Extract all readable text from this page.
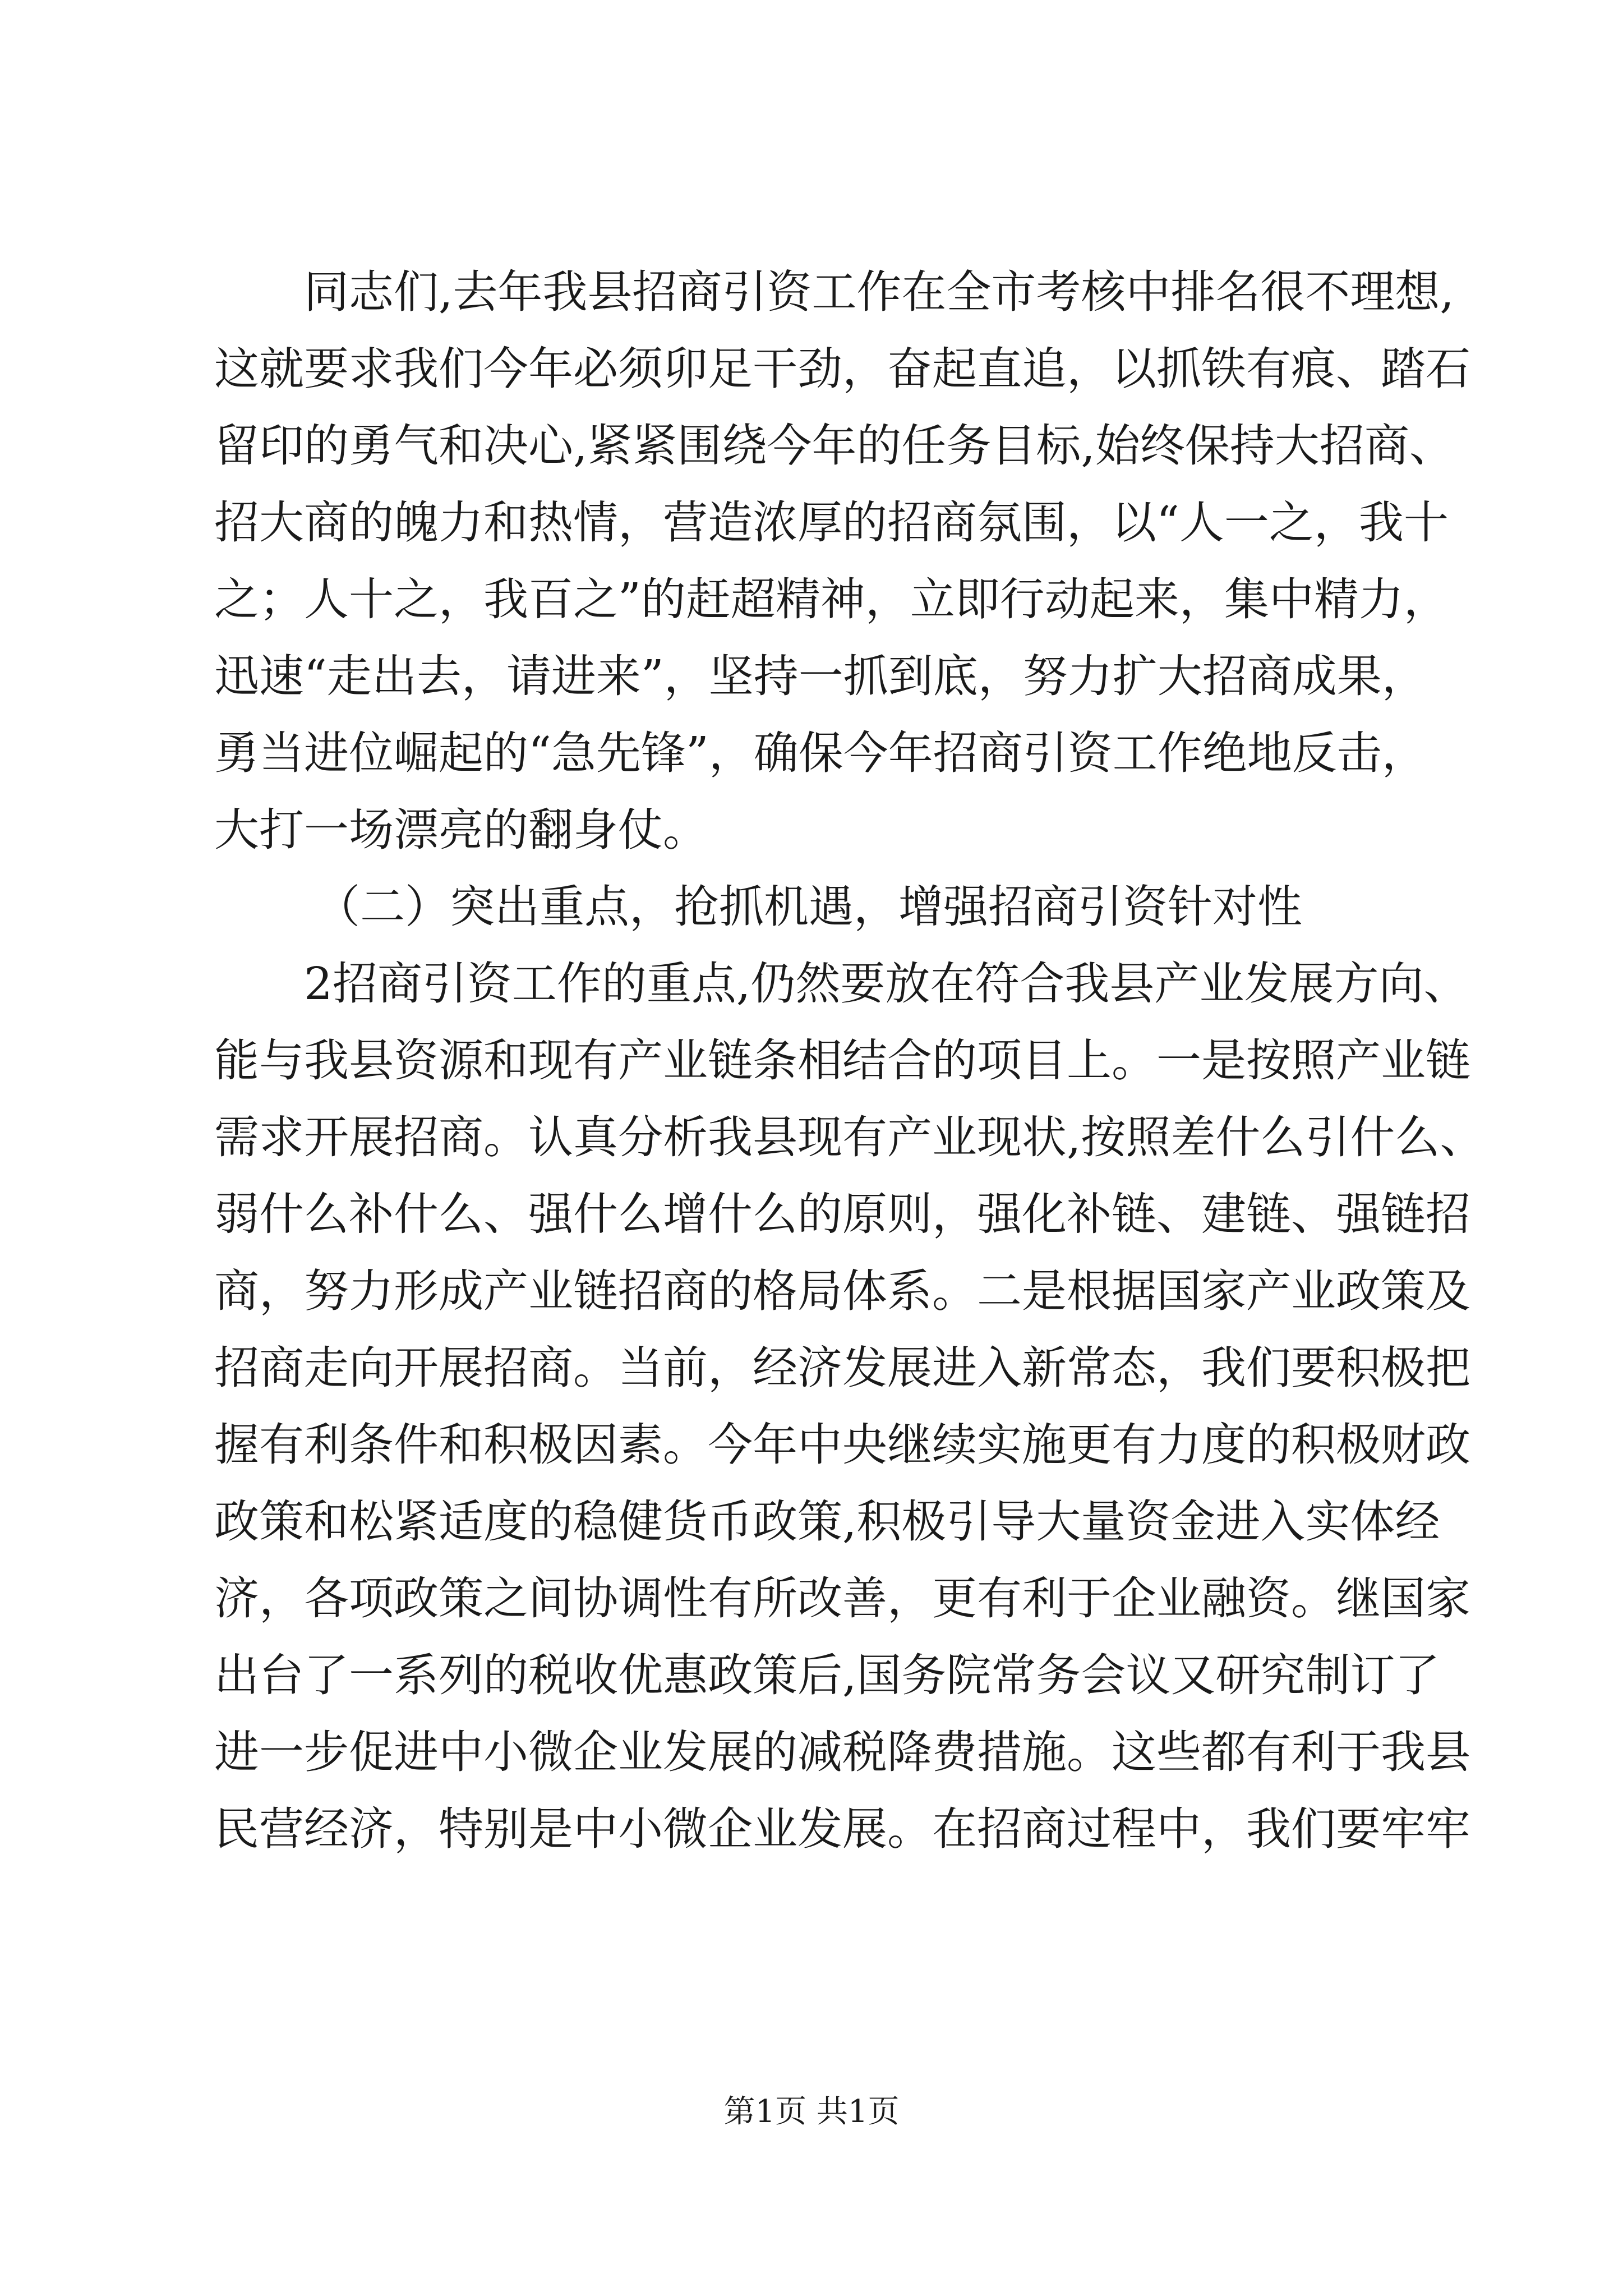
同志们,去年我县招商引资工作在全市考核中排名很不理想,
这就要求我们今年必须卯足干劲，奋起直追，以抓铁有痕、踏石
留印的勇气和决心,紧紧围绕今年的任务目标,始终保持大招商、
招大商的魄力和热情，营造浓厚的招商氛围，以“人一之，我十
之；人十之，我百之”的赶超精神，立即行动起来，集中精力，
迅速“走出去，请进来”，坚持一抓到底，努力扩大招商成果，
勇当进位崛起的“急先锋”，确保今年招商引资工作绝地反击，
大打一场漂亮的翻身仗。
（二）突出重点，抢抓机遇，增强招商引资针对性
2招商引资工作的重点,仍然要放在符合我县产业发展方向、
能与我县资源和现有产业链条相结合的项目上。一是按照产业链
需求开展招商。认真分析我县现有产业现状,按照差什么引什么、
弱什么补什么、强什么增什么的原则，强化补链、建链、强链招
商，努力形成产业链招商的格局体系。二是根据国家产业政策及
招商走向开展招商。当前，经济发展进入新常态，我们要积极把
握有利条件和积极因素。今年中央继续实施更有力度的积极财政
政策和松紧适度的稳健货币政策,积极引导大量资金进入实体经
济，各项政策之间协调性有所改善，更有利于企业融资。继国家
出台了一系列的税收优惠政策后,国务院常务会议又研究制订了
进一步促进中小微企业发展的减税降费措施。这些都有利于我县
民营经济，特别是中小微企业发展。在招商过程中，我们要牢牢
第1页 共1页
